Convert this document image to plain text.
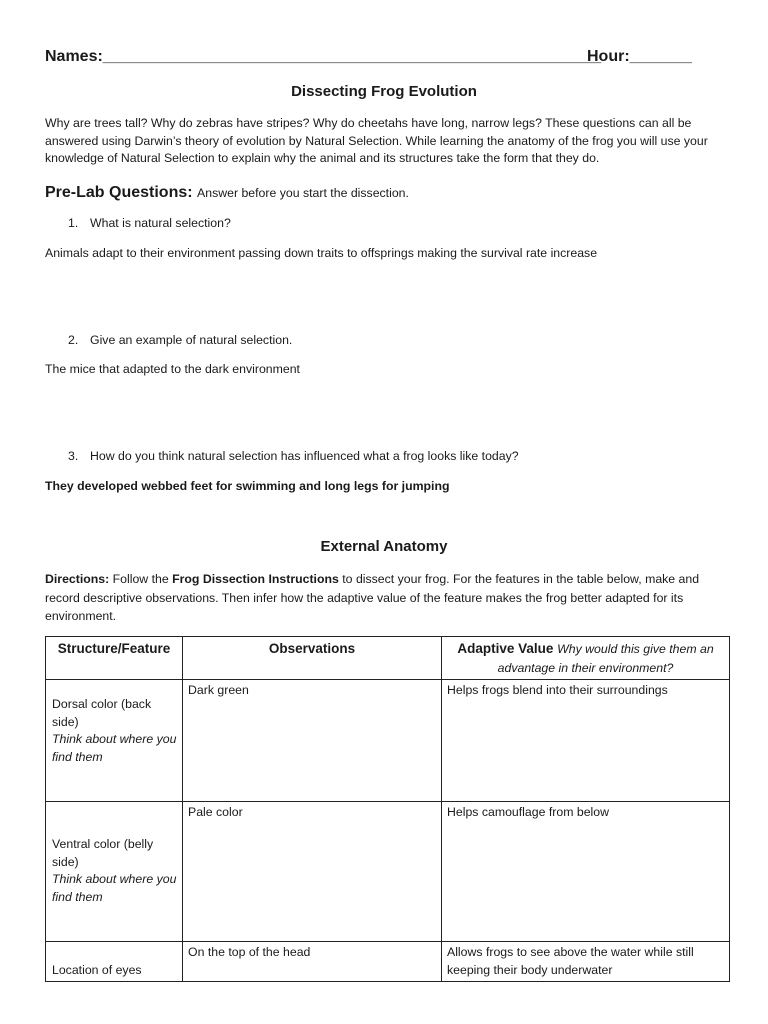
Names:________________________________________________________
Hour:_______
Dissecting Frog Evolution
Why are trees tall? Why do zebras have stripes? Why do cheetahs have long, narrow legs? These questions can all be answered using Darwin’s theory of evolution by Natural Selection. While learning the anatomy of the frog you will use your knowledge of Natural Selection to explain why the animal and its structures take the form that they do.
Pre-Lab Questions: Answer before you start the dissection.
1. What is natural selection?
Animals adapt to their environment passing down traits to offsprings making the survival rate increase
2. Give an example of natural selection.
The mice that adapted to the dark environment
3. How do you think natural selection has influenced what a frog looks like today?
They developed webbed feet for swimming and long legs for jumping
External Anatomy
Directions: Follow the Frog Dissection Instructions to dissect your frog. For the features in the table below, make and record descriptive observations. Then infer how the adaptive value of the feature makes the frog better adapted for its environment.
Structure/Feature	Observations	Adaptive Value Why would this give them an advantage in their environment?

Dorsal color (back side)
Think about where you find them	Dark green	Helps frogs blend into their surroundings

Ventral color (belly side)
Think about where you find them	Pale color	Helps camouflage from below

Location of eyes	On the top of the head	Allows frogs to see above the water while still keeping their body underwater
